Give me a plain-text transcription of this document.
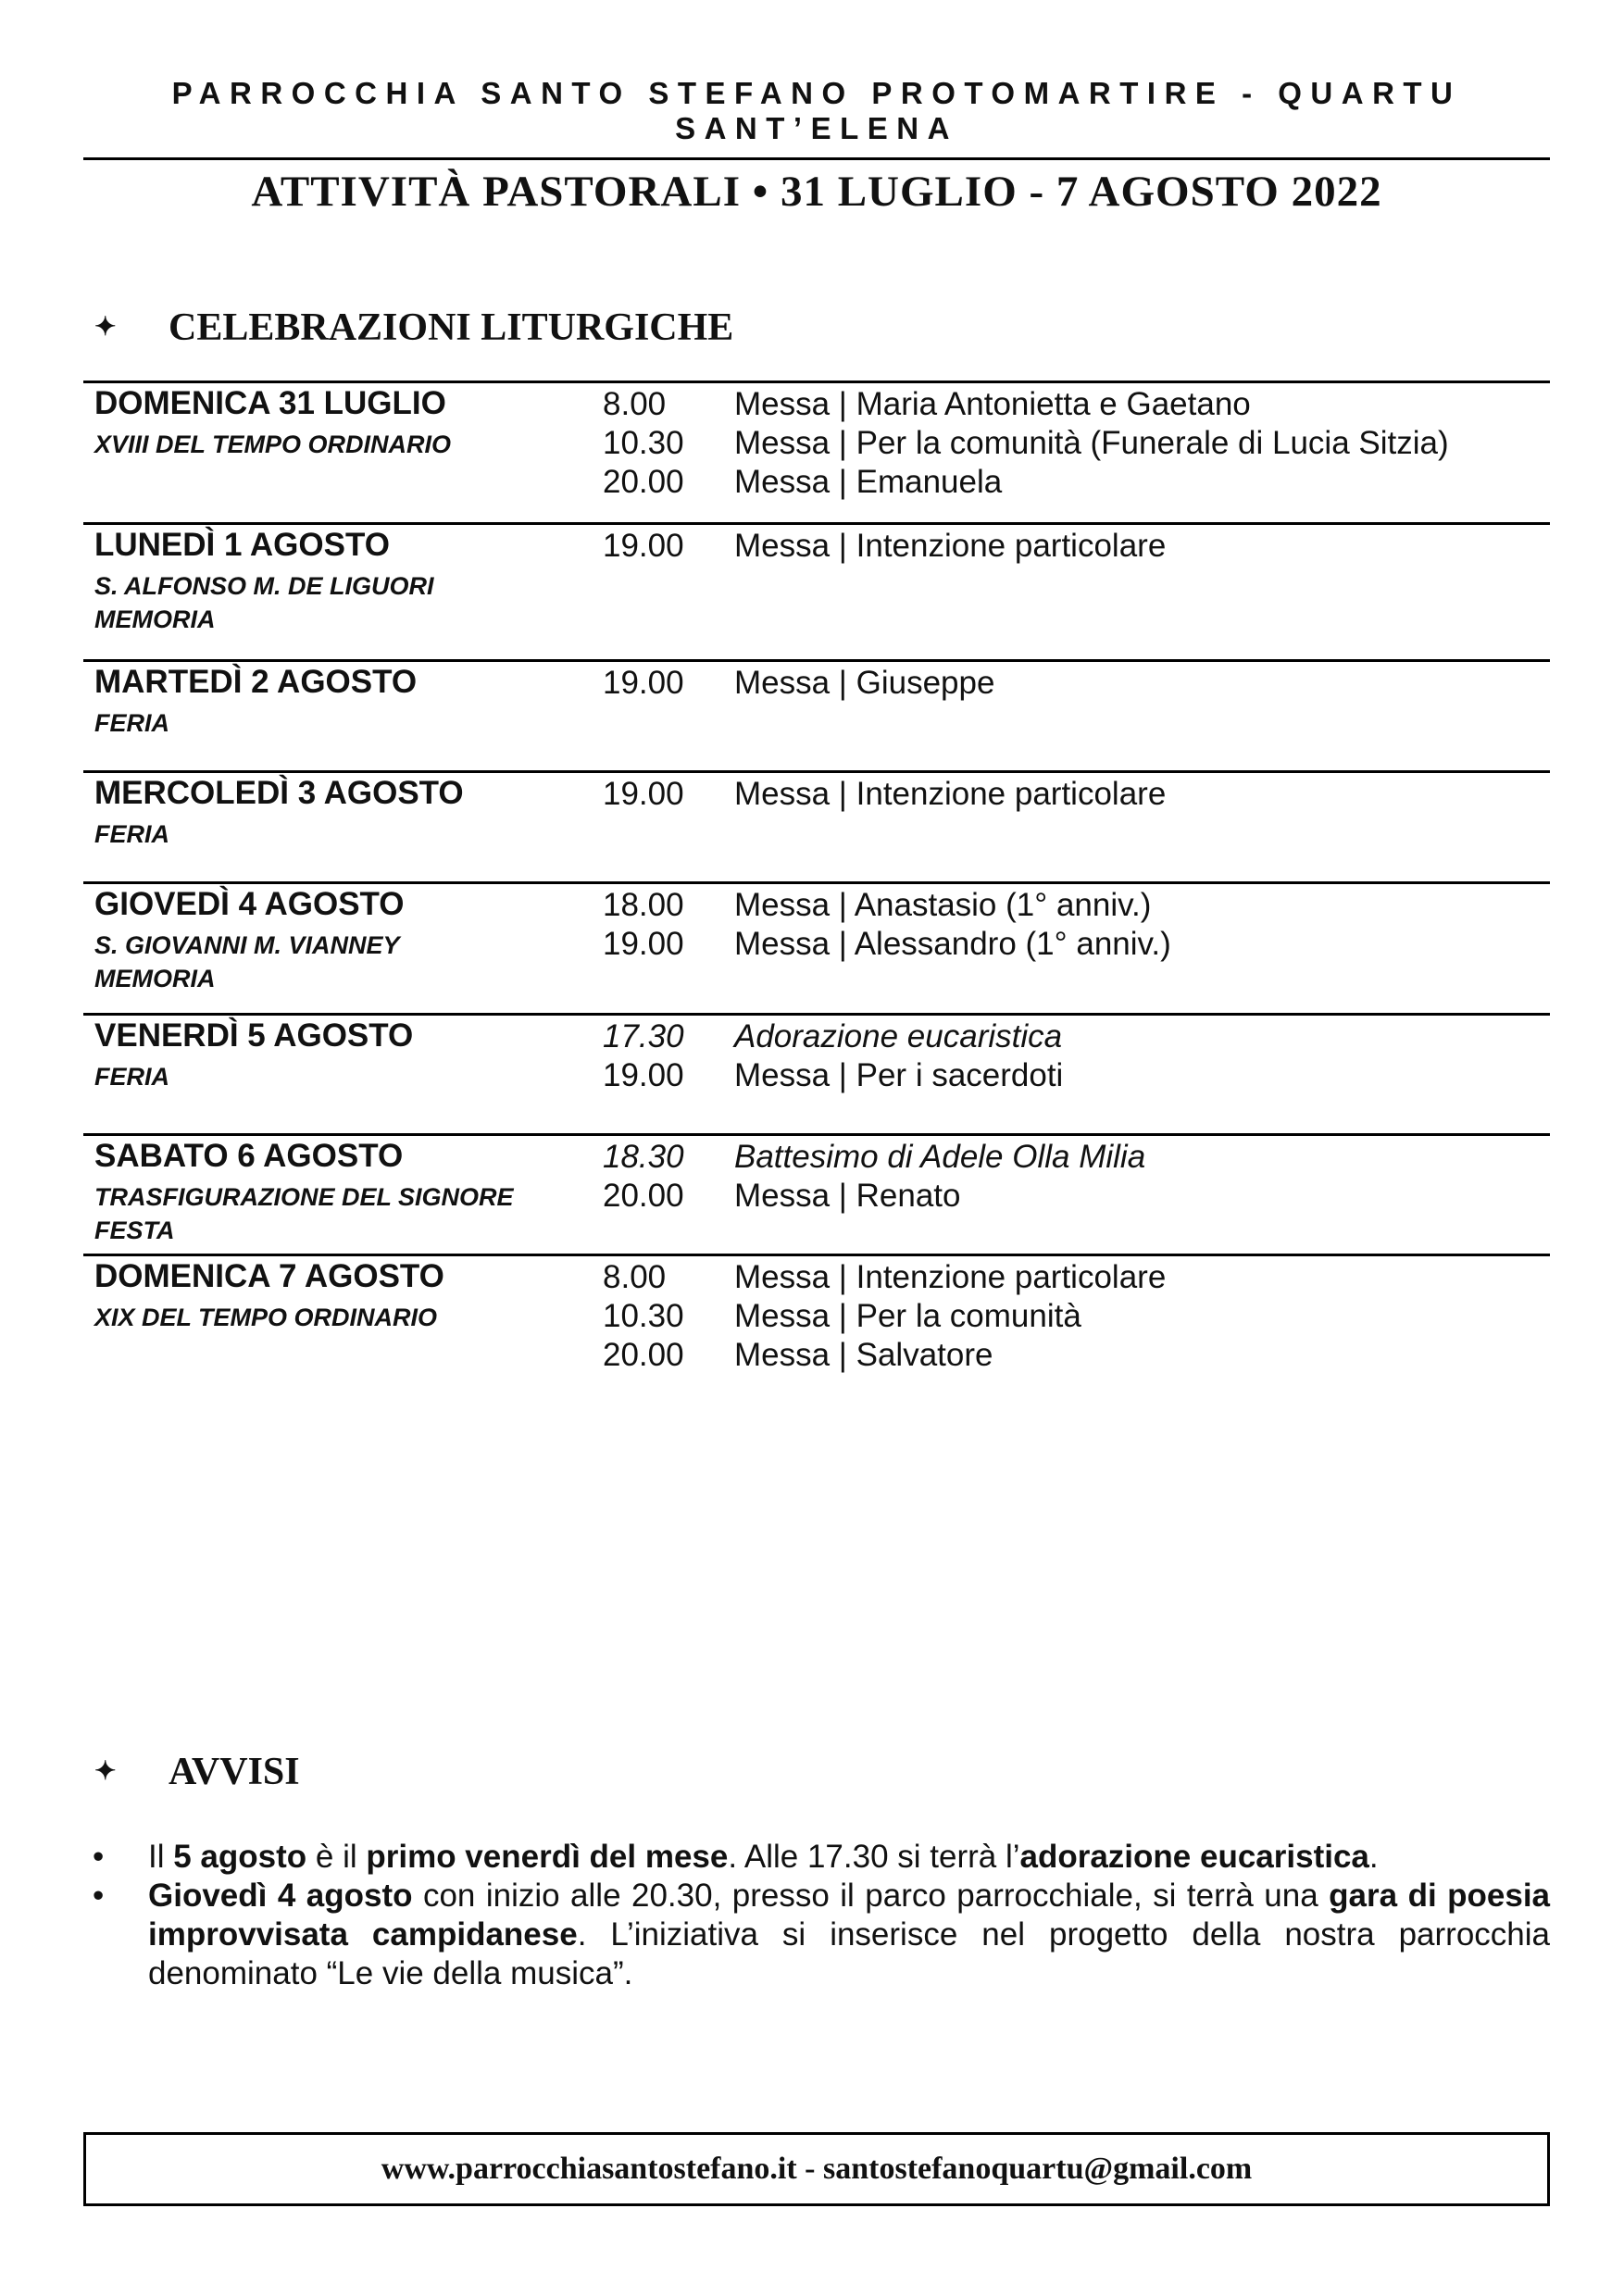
PARROCCHIA SANTO STEFANO PROTOMARTIRE - QUARTU SANT’ELENA
ATTIVITÀ PASTORALI • 31 LUGLIO - 7 AGOSTO 2022
✦ CELEBRAZIONI LITURGICHE
DOMENICA 31 LUGLIO
XVIII DEL TEMPO ORDINARIO
8.00 Messa | Maria Antonietta e Gaetano
10.30 Messa | Per la comunità (Funerale di Lucia Sitzia)
20.00 Messa | Emanuela
LUNEDÌ 1 AGOSTO
S. ALFONSO M. DE LIGUORI
MEMORIA
19.00 Messa | Intenzione particolare
MARTEDÌ 2 AGOSTO
FERIA
19.00 Messa | Giuseppe
MERCOLEDÌ 3 AGOSTO
FERIA
19.00 Messa | Intenzione particolare
GIOVEDÌ 4 AGOSTO
S. GIOVANNI M. VIANNEY
MEMORIA
18.00 Messa | Anastasio (1° anniv.)
19.00 Messa | Alessandro (1° anniv.)
VENERDÌ 5 AGOSTO
FERIA
17.30 Adorazione eucaristica
19.00 Messa | Per i sacerdoti
SABATO 6 AGOSTO
TRASFIGURAZIONE DEL SIGNORE
FESTA
18.30 Battesimo di Adele Olla Milia
20.00 Messa | Renato
DOMENICA 7 AGOSTO
XIX DEL TEMPO ORDINARIO
8.00 Messa | Intenzione particolare
10.30 Messa | Per la comunità
20.00 Messa | Salvatore
✦ AVVISI
• Il 5 agosto è il primo venerdì del mese. Alle 17.30 si terrà l’adorazione eucaristica.
• Giovedì 4 agosto con inizio alle 20.30, presso il parco parrocchiale, si terrà una gara di poesia improvvisata campidanese. L’iniziativa si inserisce nel progetto della nostra parrocchia denominato “Le vie della musica”.
www.parrocchiasantostefano.it - santostefanoquartu@gmail.com
